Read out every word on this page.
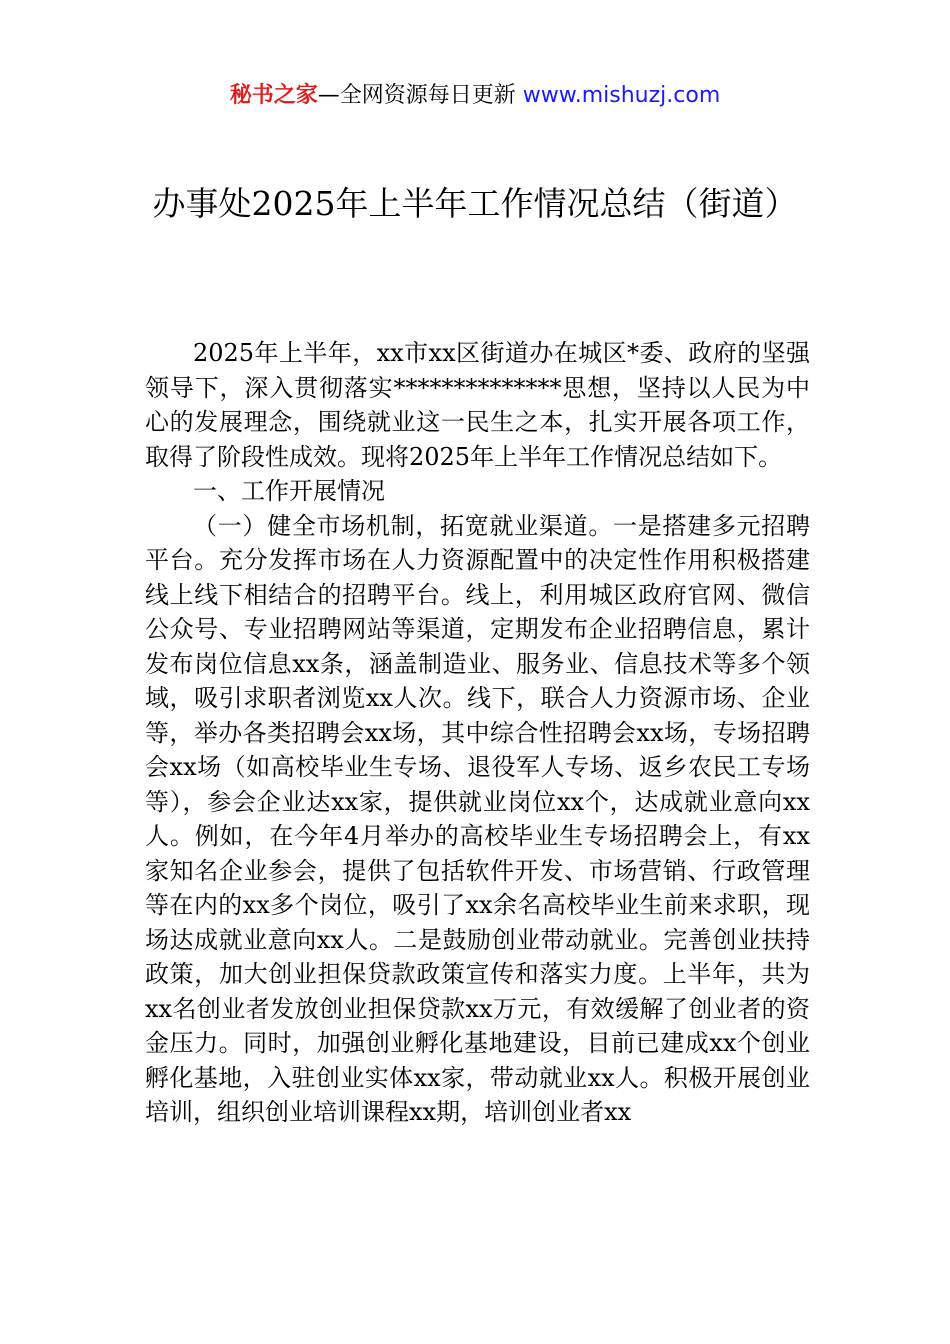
秘书之家—全网资源每日更新 www.mishuzj.com
办事处2025年上半年工作情况总结（街道）

2025年上半年，xx市xx区街道办在城区*委、政府的坚强领导下，深入贯彻落实**************思想，坚持以人民为中心的发展理念，围绕就业这一民生之本，扎实开展各项工作，取得了阶段性成效。现将2025年上半年工作情况总结如下。

一、工作开展情况

（一）健全市场机制，拓宽就业渠道。一是搭建多元招聘平台。充分发挥市场在人力资源配置中的决定性作用积极搭建线上线下相结合的招聘平台。线上，利用城区政府官网、微信公众号、专业招聘网站等渠道，定期发布企业招聘信息，累计发布岗位信息xx条，涵盖制造业、服务业、信息技术等多个领域，吸引求职者浏览xx人次。线下，联合人力资源市场、企业等，举办各类招聘会xx场，其中综合性招聘会xx场，专场招聘会xx场（如高校毕业生专场、退役军人专场、返乡农民工专场等），参会企业达xx家，提供就业岗位xx个，达成就业意向xx人。例如，在今年4月举办的高校毕业生专场招聘会上，有xx家知名企业参会，提供了包括软件开发、市场营销、行政管理等在内的xx多个岗位，吸引了xx余名高校毕业生前来求职，现场达成就业意向xx人。二是鼓励创业带动就业。完善创业扶持政策，加大创业担保贷款政策宣传和落实力度。上半年，共为xx名创业者发放创业担保贷款xx万元，有效缓解了创业者的资金压力。同时，加强创业孵化基地建设，目前已建成xx个创业孵化基地，入驻创业实体xx家，带动就业xx人。积极开展创业培训，组织创业培训课程xx期，培训创业者xx
